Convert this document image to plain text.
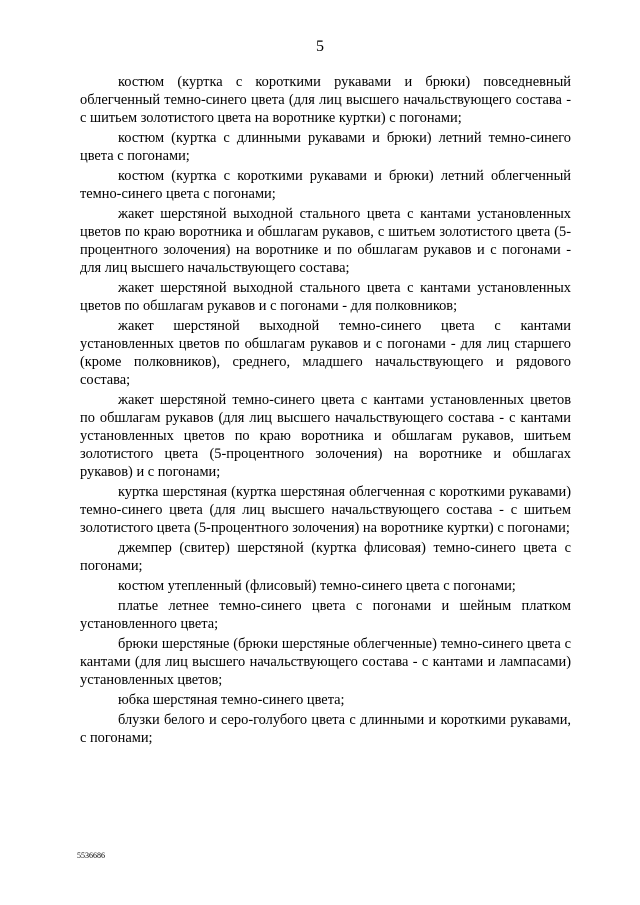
5

костюм (куртка с короткими рукавами и брюки) повседневный облегченный темно-синего цвета (для лиц высшего начальствующего состава - с шитьем золотистого цвета на воротнике куртки) с погонами;

костюм (куртка с длинными рукавами и брюки) летний темно-синего цвета с погонами;

костюм (куртка с короткими рукавами и брюки) летний облегченный темно-синего цвета с погонами;

жакет шерстяной выходной стального цвета с кантами установленных цветов по краю воротника и обшлагам рукавов, с шитьем золотистого цвета (5-процентного золочения) на воротнике и по обшлагам рукавов и с погонами - для лиц высшего начальствующего состава;

жакет шерстяной выходной стального цвета с кантами установленных цветов по обшлагам рукавов и с погонами - для полковников;

жакет шерстяной выходной темно-синего цвета с кантами установленных цветов по обшлагам рукавов и с погонами - для лиц старшего (кроме полковников), среднего, младшего начальствующего и рядового состава;

жакет шерстяной темно-синего цвета с кантами установленных цветов по обшлагам рукавов (для лиц высшего начальствующего состава - с кантами установленных цветов по краю воротника и обшлагам рукавов, шитьем золотистого цвета (5-процентного золочения) на воротнике и обшлагах рукавов) и с погонами;

куртка шерстяная (куртка шерстяная облегченная с короткими рукавами) темно-синего цвета (для лиц высшего начальствующего состава - с шитьем золотистого цвета (5-процентного золочения) на воротнике куртки) с погонами;

джемпер (свитер) шерстяной (куртка флисовая) темно-синего цвета с погонами;

костюм утепленный (флисовый) темно-синего цвета с погонами;

платье летнее темно-синего цвета с погонами и шейным платком установленного цвета;

брюки шерстяные (брюки шерстяные облегченные) темно-синего цвета с кантами (для лиц высшего начальствующего состава - с кантами и лампасами) установленных цветов;

юбка шерстяная темно-синего цвета;

блузки белого и серо-голубого цвета с длинными и короткими рукавами, с погонами;

5536686
